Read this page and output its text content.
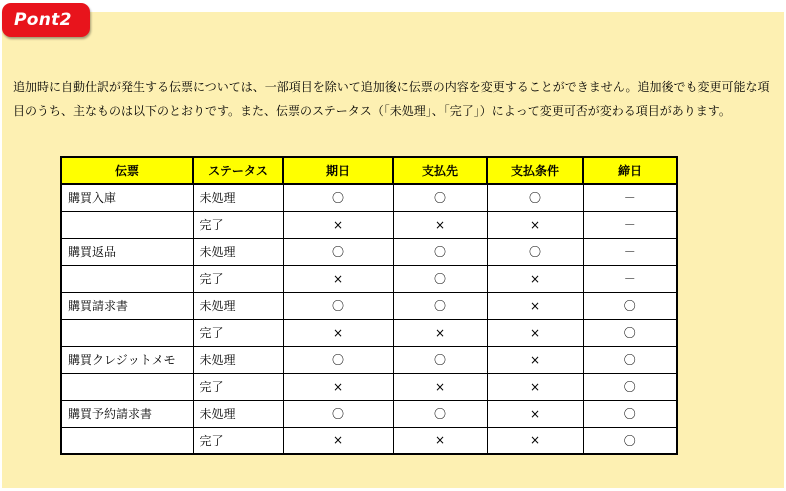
Pont2

追加時に自動仕訳が発生する伝票については、一部項目を除いて追加後に伝票の内容を変更することができません。追加後でも変更可能な項目のうち、主なものは以下のとおりです。また、伝票のステータス（「未処理」、「完了」）によって変更可否が変わる項目があります。

伝票	ステータス	期日	支払先	支払条件	締日
購買入庫	未処理	〇	〇	〇	－
	完了	×	×	×	－
購買返品	未処理	〇	〇	〇	－
	完了	×	〇	×	－
購買請求書	未処理	〇	〇	×	〇
	完了	×	×	×	〇
購買クレジットメモ	未処理	〇	〇	×	〇
	完了	×	×	×	〇
購買予約請求書	未処理	〇	〇	×	〇
	完了	×	×	×	〇
